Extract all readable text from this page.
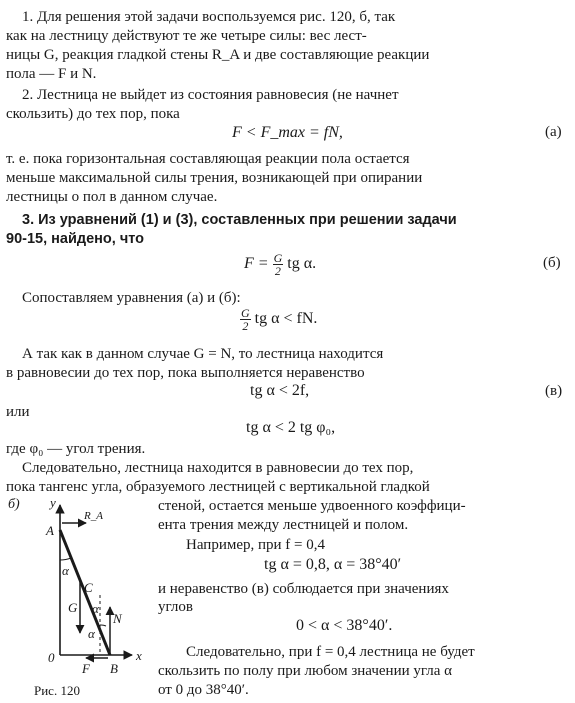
1. Для решения этой задачи воспользуемся рис. 120, б, так
как на лестницу действуют те же четыре силы: вес лест-
ницы G, реакция гладкой стены R_A и две составляющие реакции
пола — F и N.
2. Лестница не выйдет из состояния равновесия (не начнет
скользить) до тех пор, пока
F < F_max = fN,	(а)
т. е. пока горизонтальная составляющая реакции пола остается
меньше максимальной силы трения, возникающей при опирании
лестницы о пол в данном случае.
3. Из уравнений (1) и (3), составленных при решении задачи
90-15, найдено, что
$F = \frac{G}{2}$ tg α.	(б)
Сопоставляем уравнения (а) и (б):
$\frac{G}{2}$ tg α < fN.
А так как в данном случае G = N, то лестница находится
в равновесии до тех пор, пока выполняется неравенство
tg α < 2f,	(в)
или
tg α < 2 tg φ₀,
где φ₀ — угол трения.
Следовательно, лестница находится в равновесии до тех пор,
пока тангенс угла, образуемого лестницей с вертикальной гладкой
стеной, остается меньше удвоенного коэффици-
ента трения между лестницей и полом.
Например, при f = 0,4
tg α = 0,8, α = 38°40′
и неравенство (в) соблюдается при значениях
углов
0 < α < 38°40′.
Следовательно, при f = 0,4 лестница не будет
скользить по полу при любом значении угла α
от 0 до 38°40′.
б) y
R_A
A
α
C
G α
N
α
0
F B
x
Рис. 120
